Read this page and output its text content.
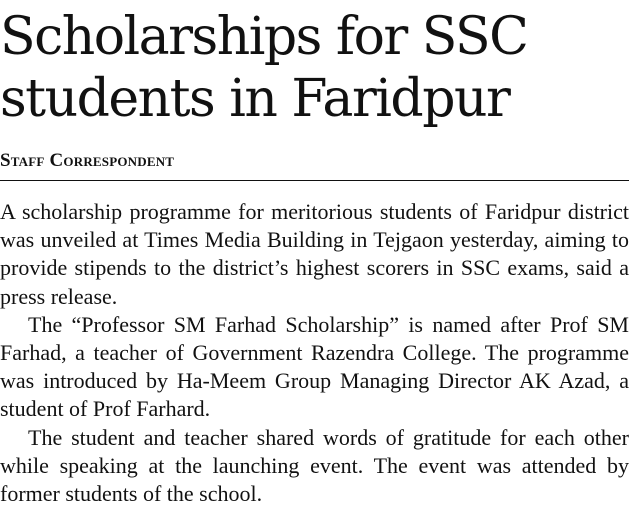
Scholarships for SSC students in Faridpur
Staff Correspondent

A scholarship programme for meritorious students of Faridpur district was unveiled at Times Media Building in Tejgaon yesterday, aiming to provide stipends to the district’s highest scorers in SSC exams, said a press release.

The “Professor SM Farhad Scholarship” is named after Prof SM Farhad, a teacher of Government Razendra College. The programme was introduced by Ha-Meem Group Managing Director AK Azad, a student of Prof Farhard.

The student and teacher shared words of gratitude for each other while speaking at the launching event. The event was attended by former students of the school.
